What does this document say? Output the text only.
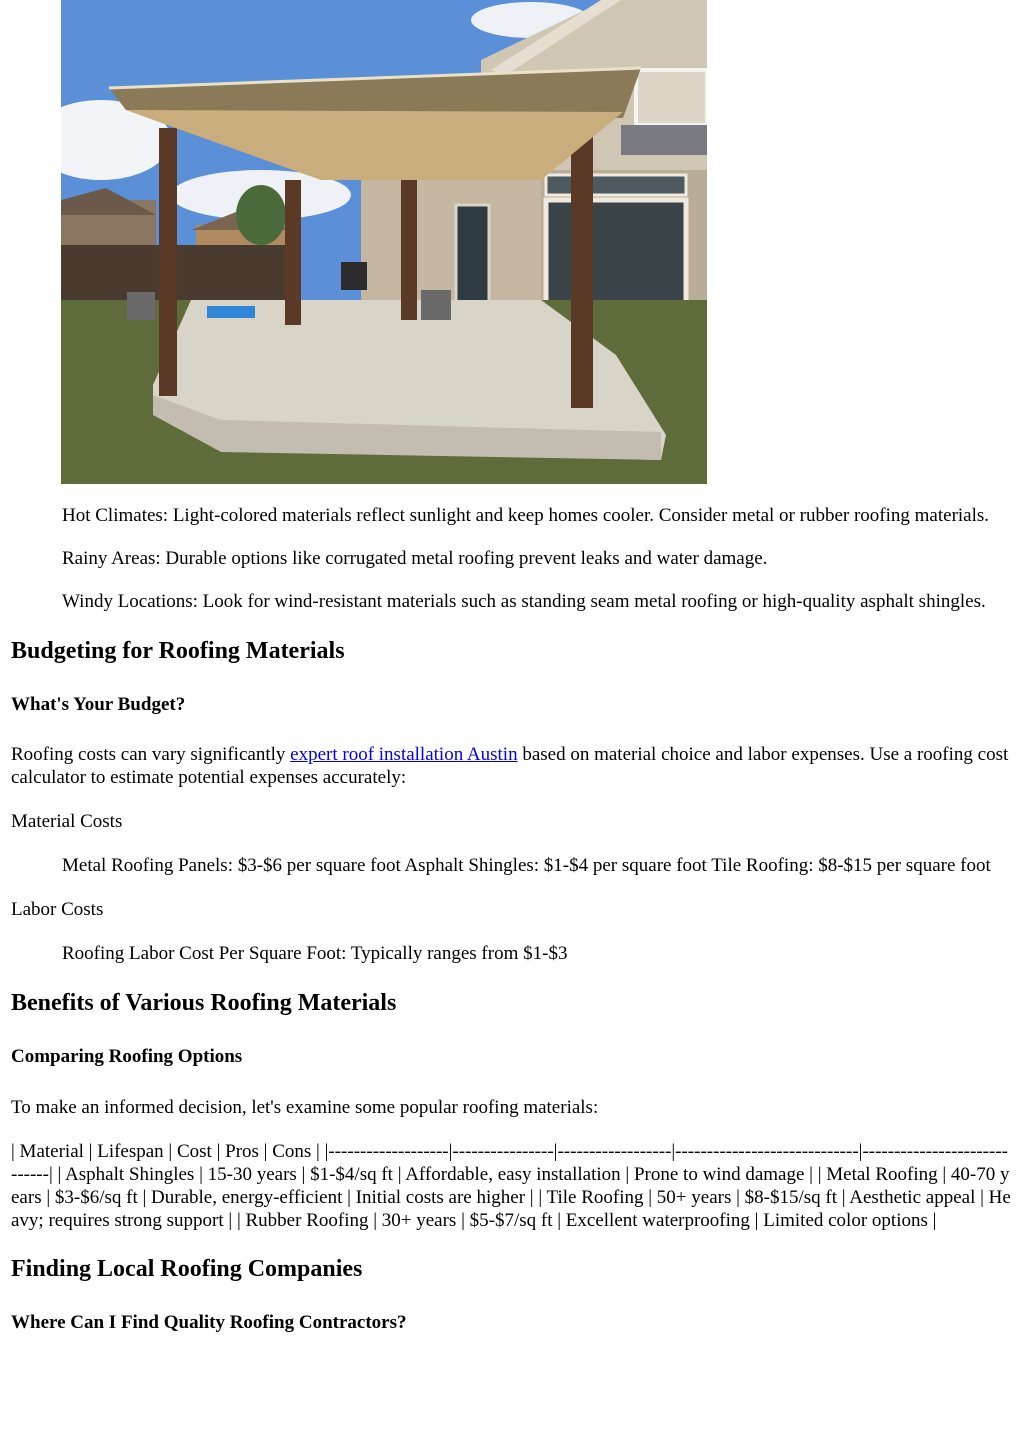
Hot Climates: Light-colored materials reflect sunlight and keep homes cooler. Consider metal or rubber roofing materials.

Rainy Areas: Durable options like corrugated metal roofing prevent leaks and water damage.

Windy Locations: Look for wind-resistant materials such as standing seam metal roofing or high-quality asphalt shingles.

Budgeting for Roofing Materials
What's Your Budget?

Roofing costs can vary significantly expert roof installation Austin based on material choice and labor expenses. Use a roofing cost calculator to estimate potential expenses accurately:

Material Costs

Metal Roofing Panels: $3-$6 per square foot Asphalt Shingles: $1-$4 per square foot Tile Roofing: $8-$15 per square foot

Labor Costs

Roofing Labor Cost Per Square Foot: Typically ranges from $1-$3

Benefits of Various Roofing Materials
Comparing Roofing Options

To make an informed decision, let's examine some popular roofing materials:

| Material | Lifespan | Cost | Pros | Cons | |-------------------|----------------|------------------|-----------------------------|-----------------------------| | Asphalt Shingles | 15-30 years | $1-$4/sq ft | Affordable, easy installation | Prone to wind damage | | Metal Roofing | 40-70 years | $3-$6/sq ft | Durable, energy-efficient | Initial costs are higher | | Tile Roofing | 50+ years | $8-$15/sq ft | Aesthetic appeal | Heavy; requires strong support | | Rubber Roofing | 30+ years | $5-$7/sq ft | Excellent waterproofing | Limited color options |

Finding Local Roofing Companies
Where Can I Find Quality Roofing Contractors?
